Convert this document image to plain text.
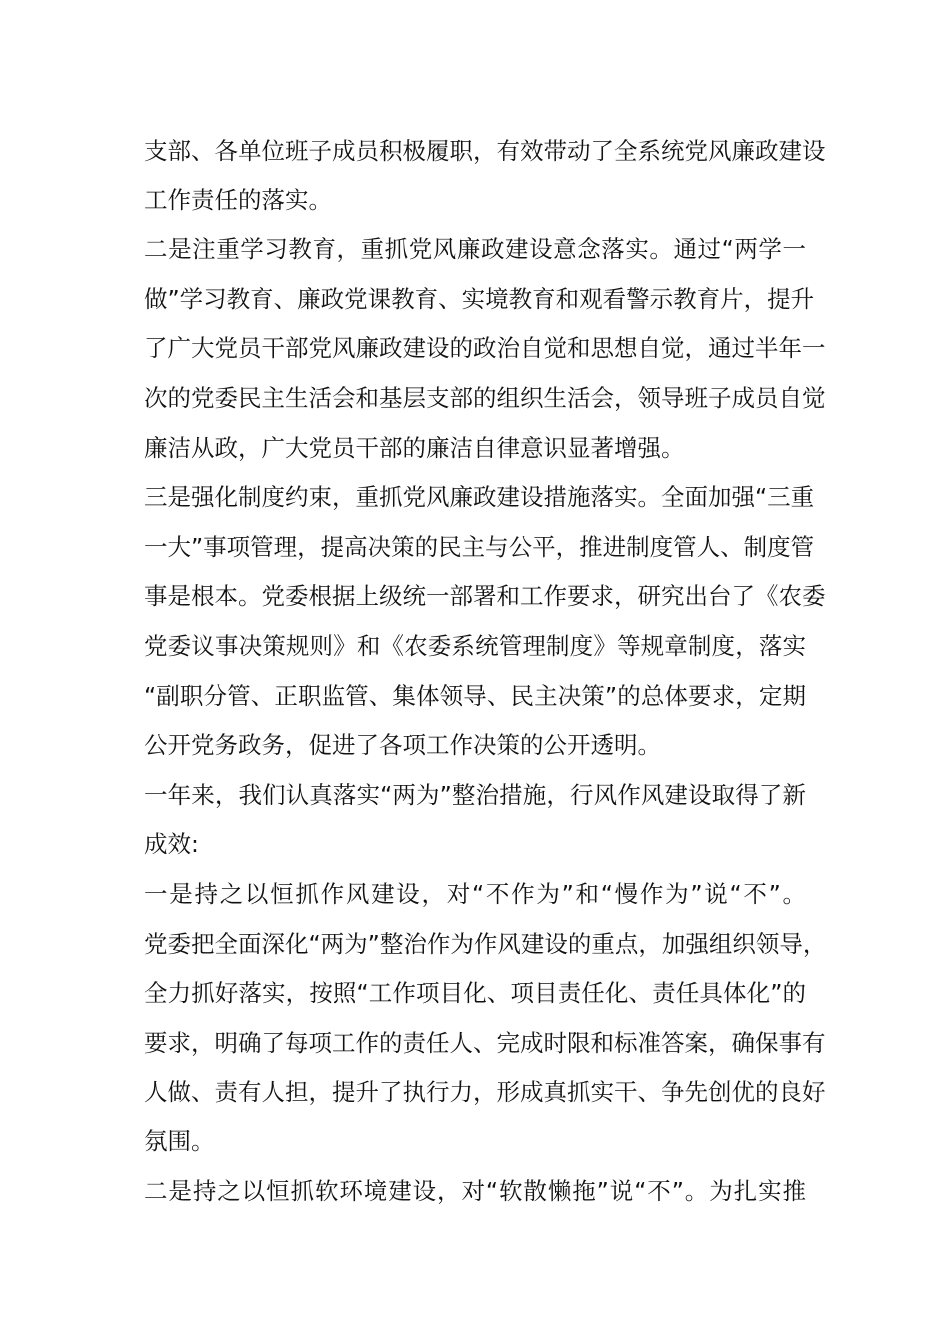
支部、各单位班子成员积极履职，有效带动了全系统党风廉政建设
工作责任的落实。
二是注重学习教育，重抓党风廉政建设意念落实。通过“两学一
做”学习教育、廉政党课教育、实境教育和观看警示教育片，提升
了广大党员干部党风廉政建设的政治自觉和思想自觉，通过半年一
次的党委民主生活会和基层支部的组织生活会，领导班子成员自觉
廉洁从政，广大党员干部的廉洁自律意识显著增强。
三是强化制度约束，重抓党风廉政建设措施落实。全面加强“三重
一大”事项管理，提高决策的民主与公平，推进制度管人、制度管
事是根本。党委根据上级统一部署和工作要求，研究出台了《农委
党委议事决策规则》和《农委系统管理制度》等规章制度，落实
“副职分管、正职监管、集体领导、民主决策”的总体要求，定期
公开党务政务，促进了各项工作决策的公开透明。
一年来，我们认真落实“两为”整治措施，行风作风建设取得了新
成效:
一是持之以恒抓作风建设，对“不作为”和“慢作为”说“不”。
党委把全面深化“两为”整治作为作风建设的重点，加强组织领导，
全力抓好落实，按照“工作项目化、项目责任化、责任具体化”的
要求，明确了每项工作的责任人、完成时限和标准答案，确保事有
人做、责有人担，提升了执行力，形成真抓实干、争先创优的良好
氛围。
二是持之以恒抓软环境建设，对“软散懒拖”说“不”。为扎实推
